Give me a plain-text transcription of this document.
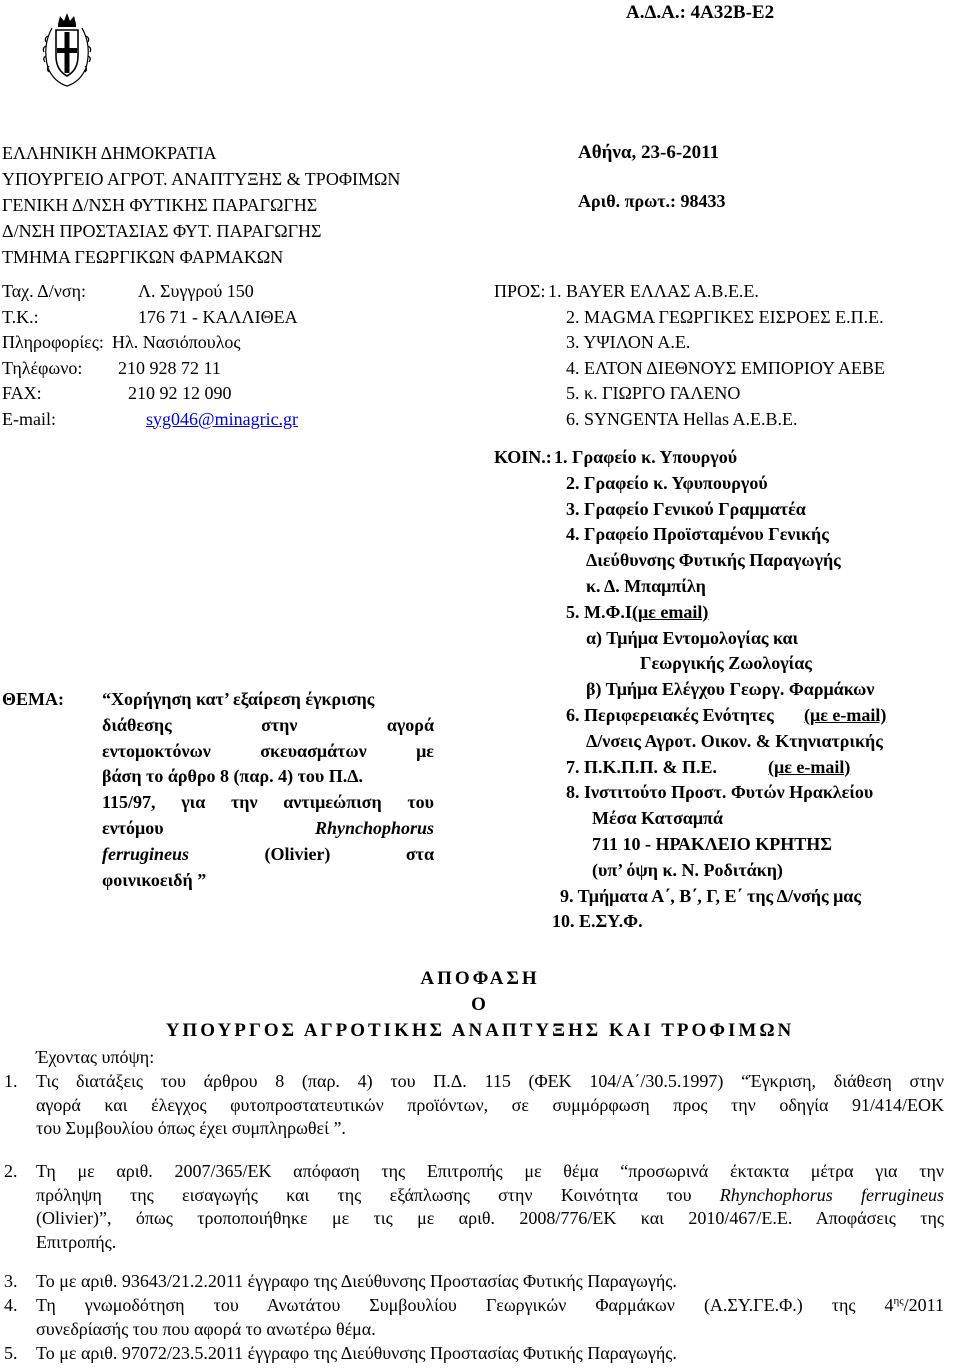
Α.Δ.Α.: 4Α32Β-Ε2
ΕΛΛΗΝΙΚΗ ΔΗΜΟΚΡΑΤΙΑ
ΥΠΟΥΡΓΕΙΟ ΑΓΡΟΤ. ΑΝΑΠΤΥΞΗΣ & ΤΡΟΦΙΜΩΝ
ΓΕΝΙΚΗ Δ/ΝΣΗ ΦΥΤΙΚΗΣ ΠΑΡΑΓΩΓΗΣ
Δ/ΝΣΗ ΠΡΟΣΤΑΣΙΑΣ ΦΥΤ. ΠΑΡΑΓΩΓΗΣ
ΤΜΗΜΑ ΓΕΩΡΓΙΚΩΝ ΦΑΡΜΑΚΩΝ
Αθήνα, 23-6-2011
Αριθ. πρωτ.: 98433
Ταχ. Δ/νση:	Λ. Συγγρού 150
Τ.Κ.:	176 71 - ΚΑΛΛΙΘΕΑ
Πληροφορίες: Ηλ. Νασιόπουλος
Τηλέφωνο: 210 928 72 11
FAX:	210 92 12 090
E-mail:	syg046@minagric.gr
ΠΡΟΣ: 1. BAYER ΕΛΛΑΣ Α.Β.Ε.Ε.
2. MAGMA ΓΕΩΡΓΙΚΕΣ ΕΙΣΡΟΕΣ Ε.Π.Ε.
3. ΥΨΙΛΟΝ Α.Ε.
4. ΕΛΤΟΝ ΔΙΕΘΝΟΥΣ ΕΜΠΟΡΙΟΥ ΑΕΒΕ
5. κ. ΓΙΩΡΓΟ ΓΑΛΕΝΟ
6. SYNGENTA Hellas A.E.B.E.
ΚΟΙΝ.: 1. Γραφείο κ. Υπουργού
2. Γραφείο κ. Υφυπουργού
3. Γραφείο Γενικού Γραμματέα
4. Γραφείο Προϊσταμένου Γενικής
Διεύθυνσης Φυτικής Παραγωγής
κ. Δ. Μπαμπίλη
5. Μ.Φ.Ι.
(με email)
α) Τμήμα Εντομολογίας και
Γεωργικής Ζωολογίας
β) Τμήμα Ελέγχου Γεωργ. Φαρμάκων
6. Περιφερειακές Ενότητες (με e-mail)
Δ/νσεις Αγροτ. Οικον. & Κτηνιατρικής
7. Π.Κ.Π.Π. & Π.Ε.	(με e-mail)
8. Ινστιτούτο Προστ. Φυτών Ηρακλείου
Μέσα Κατσαμπά
711 10 - ΗΡΑΚΛΕΙΟ ΚΡΗΤΗΣ
(υπ’ όψη κ. Ν. Ροδιτάκη)
9. Τμήματα Α΄, Β΄, Γ, Ε΄ της Δ/νσής μας
10. Ε.ΣΥ.Φ.
ΘΕΜΑ: “Χορήγηση κατ’ εξαίρεση έγκρισης
διάθεσης	στην	αγορά
εντομοκτόνων	σκευασμάτων	με
βάση το άρθρο 8 (παρ. 4) του Π.Δ.
115/97, για την αντιμεώπιση του
εντόμου	Rhynchophorus
ferrugineus	(Olivier)	στα
φοινικοειδή ”
ΑΠΟΦΑΣΗ
Ο
ΥΠΟΥΡΓΟΣ ΑΓΡΟΤΙΚΗΣ ΑΝΑΠΤΥΞΗΣ ΚΑΙ ΤΡΟΦΙΜΩΝ
Έχοντας υπόψη:
1. Τις διατάξεις του άρθρου 8 (παρ. 4) του Π.Δ. 115 (ΦΕΚ 104/Α΄/30.5.1997) “Έγκριση, διάθεση στην
αγορά και έλεγχος φυτοπροστατευτικών προϊόντων, σε συμμόρφωση προς την οδηγία 91/414/ΕΟΚ
του Συμβουλίου όπως έχει συμπληρωθεί ”.
2. Τη με αριθ. 2007/365/ΕΚ απόφαση της Επιτροπής με θέμα “προσωρινά έκτακτα μέτρα για την
πρόληψη της εισαγωγής και της εξάπλωσης στην Κοινότητα του Rhynchophorus ferrugineus
(Olivier)”, όπως τροποποιήθηκε με τις με αριθ. 2008/776/ΕΚ και 2010/467/Ε.Ε. Αποφάσεις της
Επιτροπής.
3. Το με αριθ. 93643/21.2.2011 έγγραφο της Διεύθυνσης Προστασίας Φυτικής Παραγωγής.
4. Τη γνωμοδότηση του Ανωτάτου Συμβουλίου Γεωργικών Φαρμάκων (Α.ΣΥ.ΓΕ.Φ.) της $4^{\eta\varsigma}/2011$
συνεδρίασής του που αφορά το ανωτέρω θέμα.
5. Το με αριθ. 97072/23.5.2011 έγγραφο της Διεύθυνσης Προστασίας Φυτικής Παραγωγής.
